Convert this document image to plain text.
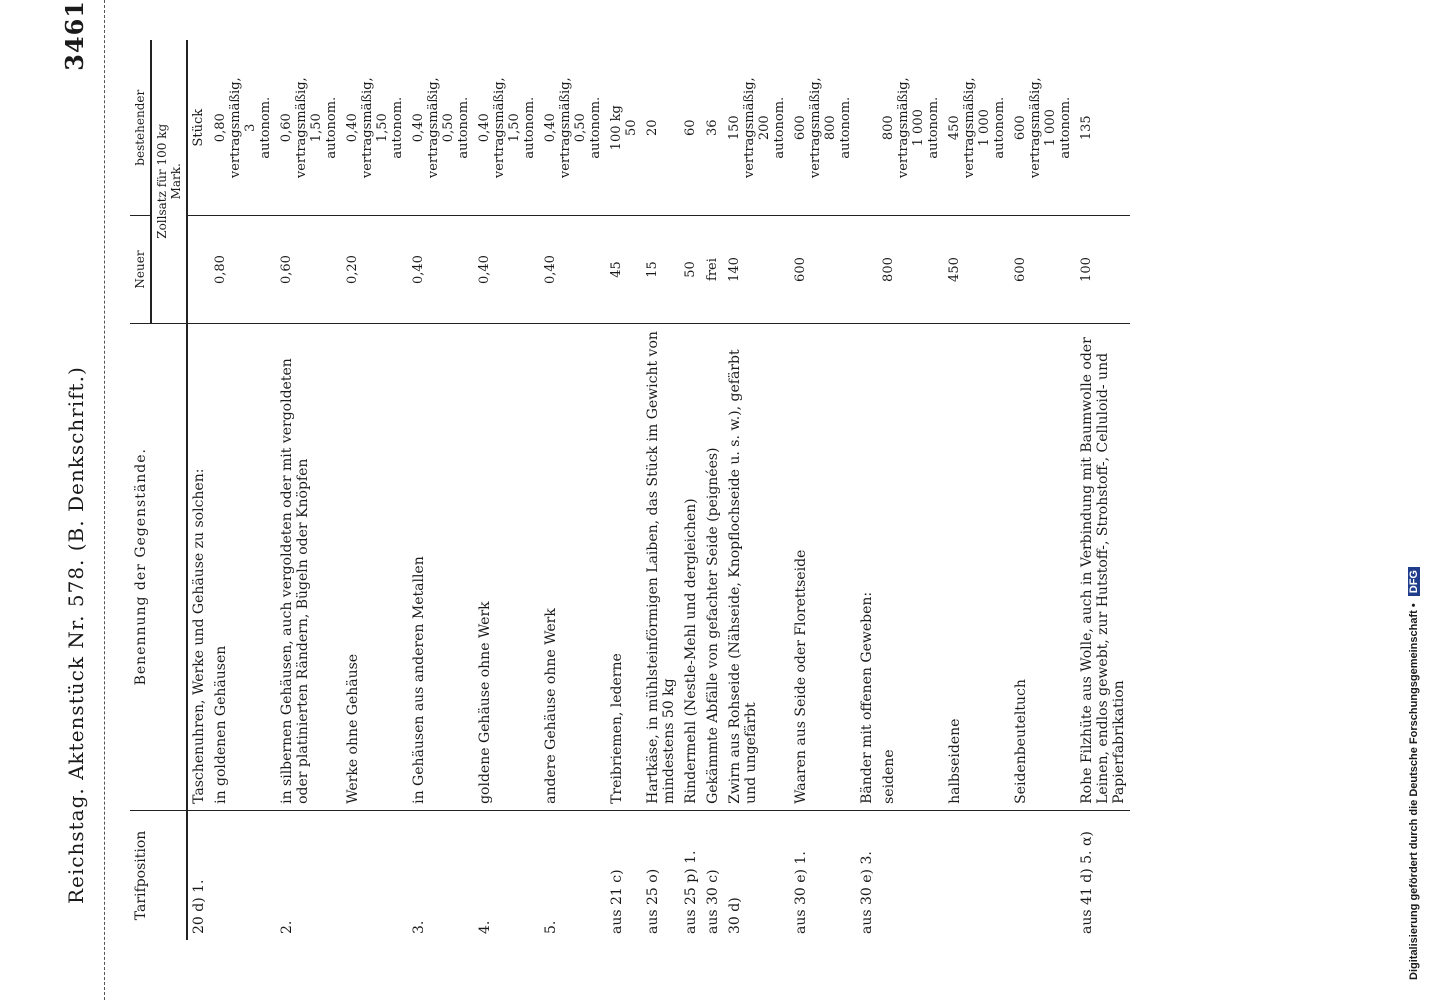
Reichstag. Aktenstück Nr. 578. (B. Denkschrift.)
3461
Tarifposition	Benennung der Gegenstände.	Neuer	bestehender
		Zollsatz für 100 kg
Mark.	
20 d) 1.	Taschenuhren, Werke und Gehäuse zu solchen:		Stück
	in goldenen Gehäusen	0,80	0,80
vertragsmäßig,
3
autonom.
2.	in silbernen Gehäusen, auch vergoldeten oder mit vergoldeten oder platinierten Rändern, Bügeln oder Knöpfen	0,60	0,60
vertragsmäßig,
1,50
autonom.
	Werke ohne Gehäuse	0,20	0,40
vertragsmäßig,
1,50
autonom.
3.	in Gehäusen aus anderen Metallen	0,40	0,40
vertragsmäßig,
0,50
autonom.
4.	goldene Gehäuse ohne Werk	0,40	0,40
vertragsmäßig,
1,50
autonom.
5.	andere Gehäuse ohne Werk	0,40	0,40
vertragsmäßig,
0,50
autonom.
aus 21 c)	Treibriemen, lederne	45	100 kg
50
aus 25 o)	Hartkäse, in mühlsteinförmigen Laiben, das Stück im Gewicht von mindestens 50 kg	15	20
aus 25 p) 1.	Rindermehl (Nestle-Mehl und dergleichen)	50	60
aus 30 c)	Gekämmte Abfälle von gefachter Seide (peignées)	frei	36
30 d)	Zwirn aus Rohseide (Nähseide, Knopflochseide u. s. w.), gefärbt und ungefärbt	140	150
vertragsmäßig,
200
autonom.
aus 30 e) 1.	Waaren aus Seide oder Florettseide	600	600
vertragsmäßig,
800
autonom.
aus 30 e) 3.	Bänder mit offenen Geweben:		
	seidene	800	800
vertragsmäßig,
1 000
autonom.
	halbseidene	450	450
vertragsmäßig,
1 000
autonom.
	Seidenbeuteltuch	600	600
vertragsmäßig,
1 000
autonom.
aus 41 d) 5. α)	Rohe Filzhüte aus Wolle, auch in Verbindung mit Baumwolle oder Leinen, endlos gewebt, zur Hutstoff-, Strohstoff-, Celluloid- und Papierfabrikation	100	135
Digitalisierung gefördert durch die Deutsche Forschungsgemeinschaft • DFG
